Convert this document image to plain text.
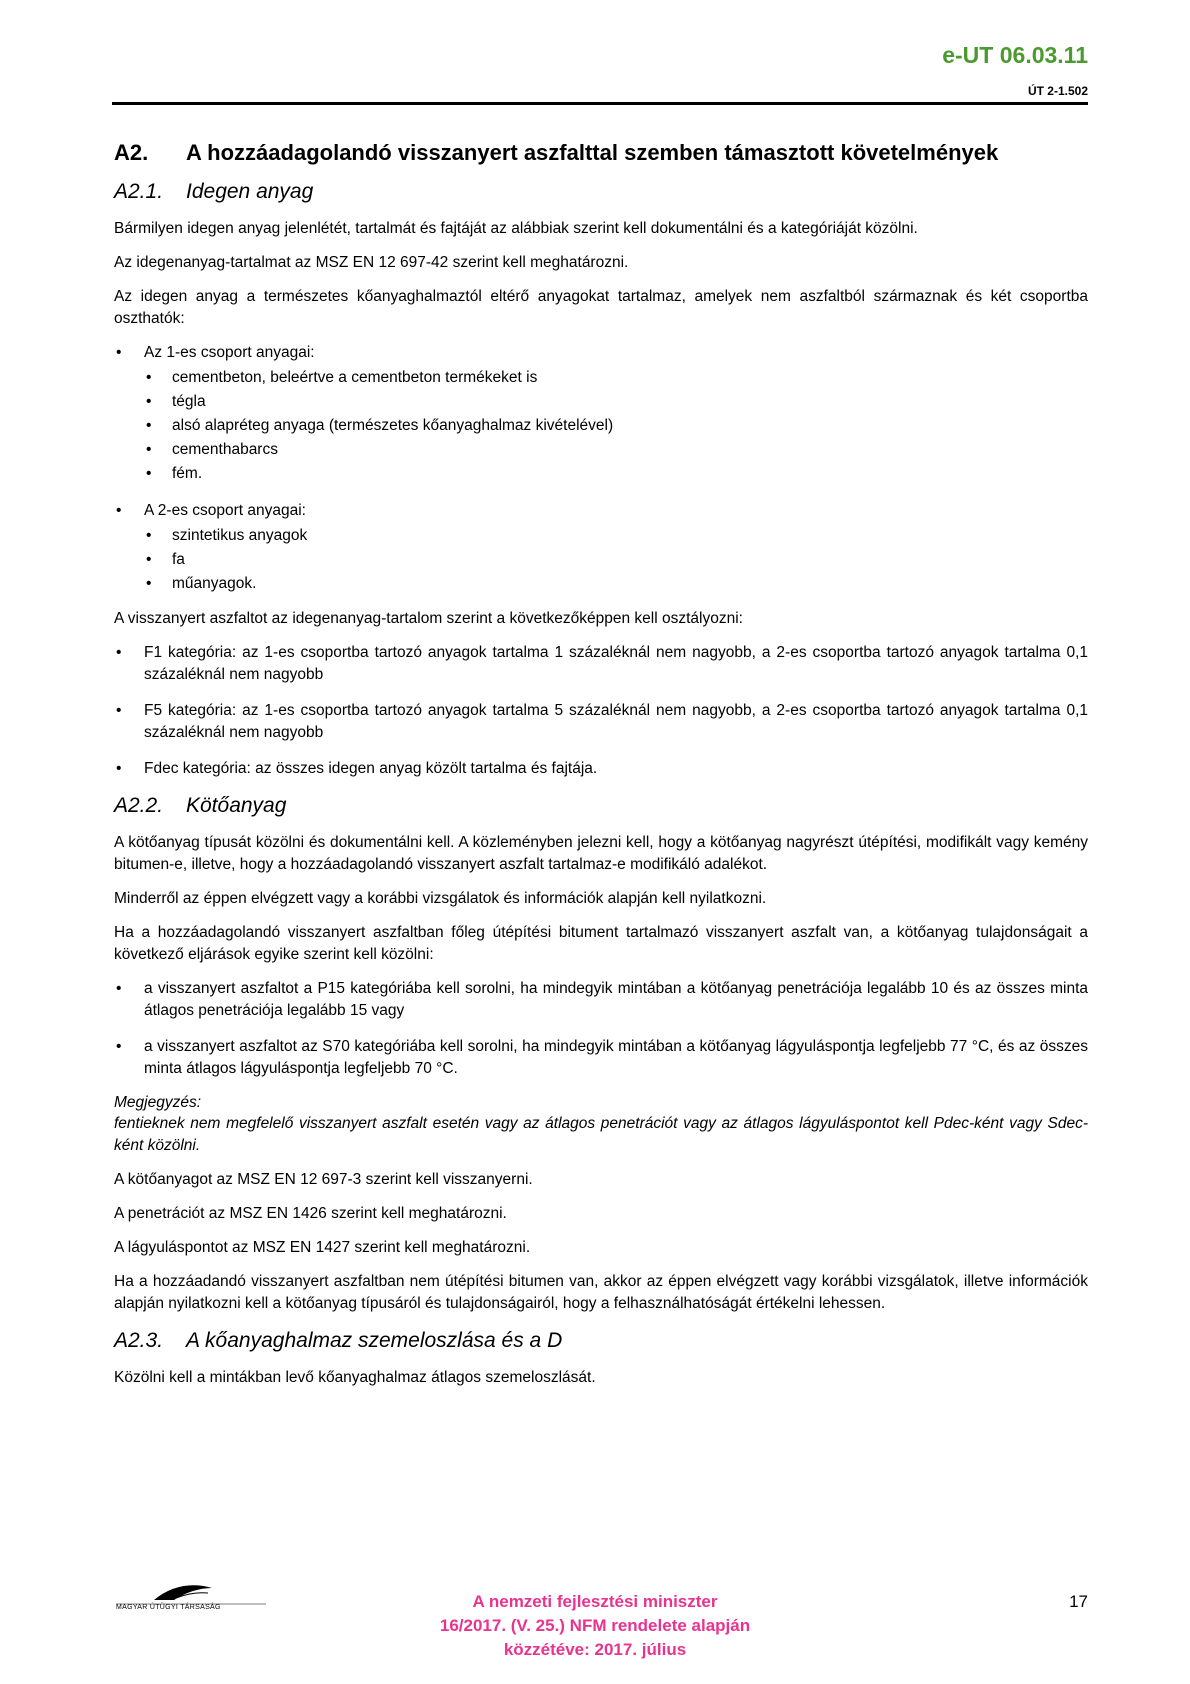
e-UT 06.03.11
ÚT 2-1.502
A2.	A hozzáadagolandó visszanyert aszfalttal szemben támasztott követelmények
A2.1.	Idegen anyag

Bármilyen idegen anyag jelenlétét, tartalmát és fajtáját az alábbiak szerint kell dokumentálni és a kategóriáját közölni.

Az idegenanyag-tartalmat az MSZ EN 12 697-42 szerint kell meghatározni.

Az idegen anyag a természetes kőanyaghalmaztól eltérő anyagokat tartalmaz, amelyek nem aszfaltból származnak és két csoportba oszthatók:

• Az 1-es csoport anyagai:
• cementbeton, beleértve a cementbeton termékeket is
• tégla
• alsó alapréteg anyaga (természetes kőanyaghalmaz kivételével)
• cementhabarcs
• fém.
• A 2-es csoport anyagai:
• szintetikus anyagok
• fa
• műanyagok.

A visszanyert aszfaltot az idegenanyag-tartalom szerint a következőképpen kell osztályozni:

• F1 kategória: az 1-es csoportba tartozó anyagok tartalma 1 százaléknál nem nagyobb, a 2-es csoportba tartozó anyagok tartalma 0,1 százaléknál nem nagyobb
• F5 kategória: az 1-es csoportba tartozó anyagok tartalma 5 százaléknál nem nagyobb, a 2-es csoportba tartozó anyagok tartalma 0,1 százaléknál nem nagyobb
• Fdec kategória: az összes idegen anyag közölt tartalma és fajtája.
A2.2.	Kötőanyag

A kötőanyag típusát közölni és dokumentálni kell. A közleményben jelezni kell, hogy a kötőanyag nagyrészt útépítési, modifikált vagy kemény bitumen-e, illetve, hogy a hozzáadagolandó visszanyert aszfalt tartalmaz-e modifikáló adalékot.

Minderről az éppen elvégzett vagy a korábbi vizsgálatok és információk alapján kell nyilatkozni.

Ha a hozzáadagolandó visszanyert aszfaltban főleg útépítési bitument tartalmazó visszanyert aszfalt van, a kötőanyag tulajdonságait a következő eljárások egyike szerint kell közölni:

• a visszanyert aszfaltot a P15 kategóriába kell sorolni, ha mindegyik mintában a kötőanyag penetrációja legalább 10 és az összes minta átlagos penetrációja legalább 15 vagy
• a visszanyert aszfaltot az S70 kategóriába kell sorolni, ha mindegyik mintában a kötőanyag lágyuláspontja legfeljebb 77 °C, és az összes minta átlagos lágyuláspontja legfeljebb 70 °C.
Megjegyzés:

fentieknek nem megfelelő visszanyert aszfalt esetén vagy az átlagos penetrációt vagy az átlagos lágyuláspontot kell Pdec-ként vagy Sdec-ként közölni.

A kötőanyagot az MSZ EN 12 697-3 szerint kell visszanyerni.

A penetrációt az MSZ EN 1426 szerint kell meghatározni.

A lágyuláspontot az MSZ EN 1427 szerint kell meghatározni.

Ha a hozzáadandó visszanyert aszfaltban nem útépítési bitumen van, akkor az éppen elvégzett vagy korábbi vizsgálatok, illetve információk alapján nyilatkozni kell a kötőanyag típusáról és tulajdonságairól, hogy a felhasználhatóságát értékelni lehessen.

A2.3.	A kőanyaghalmaz szemeloszlása és a D

Közölni kell a mintákban levő kőanyaghalmaz átlagos szemeloszlását.

MAGYAR ÚTÜGYI TÁRSASÁG	A nemzeti fejlesztési miniszter
16/2017. (V. 25.) NFM rendelete alapján
közzétéve: 2017. július
17
